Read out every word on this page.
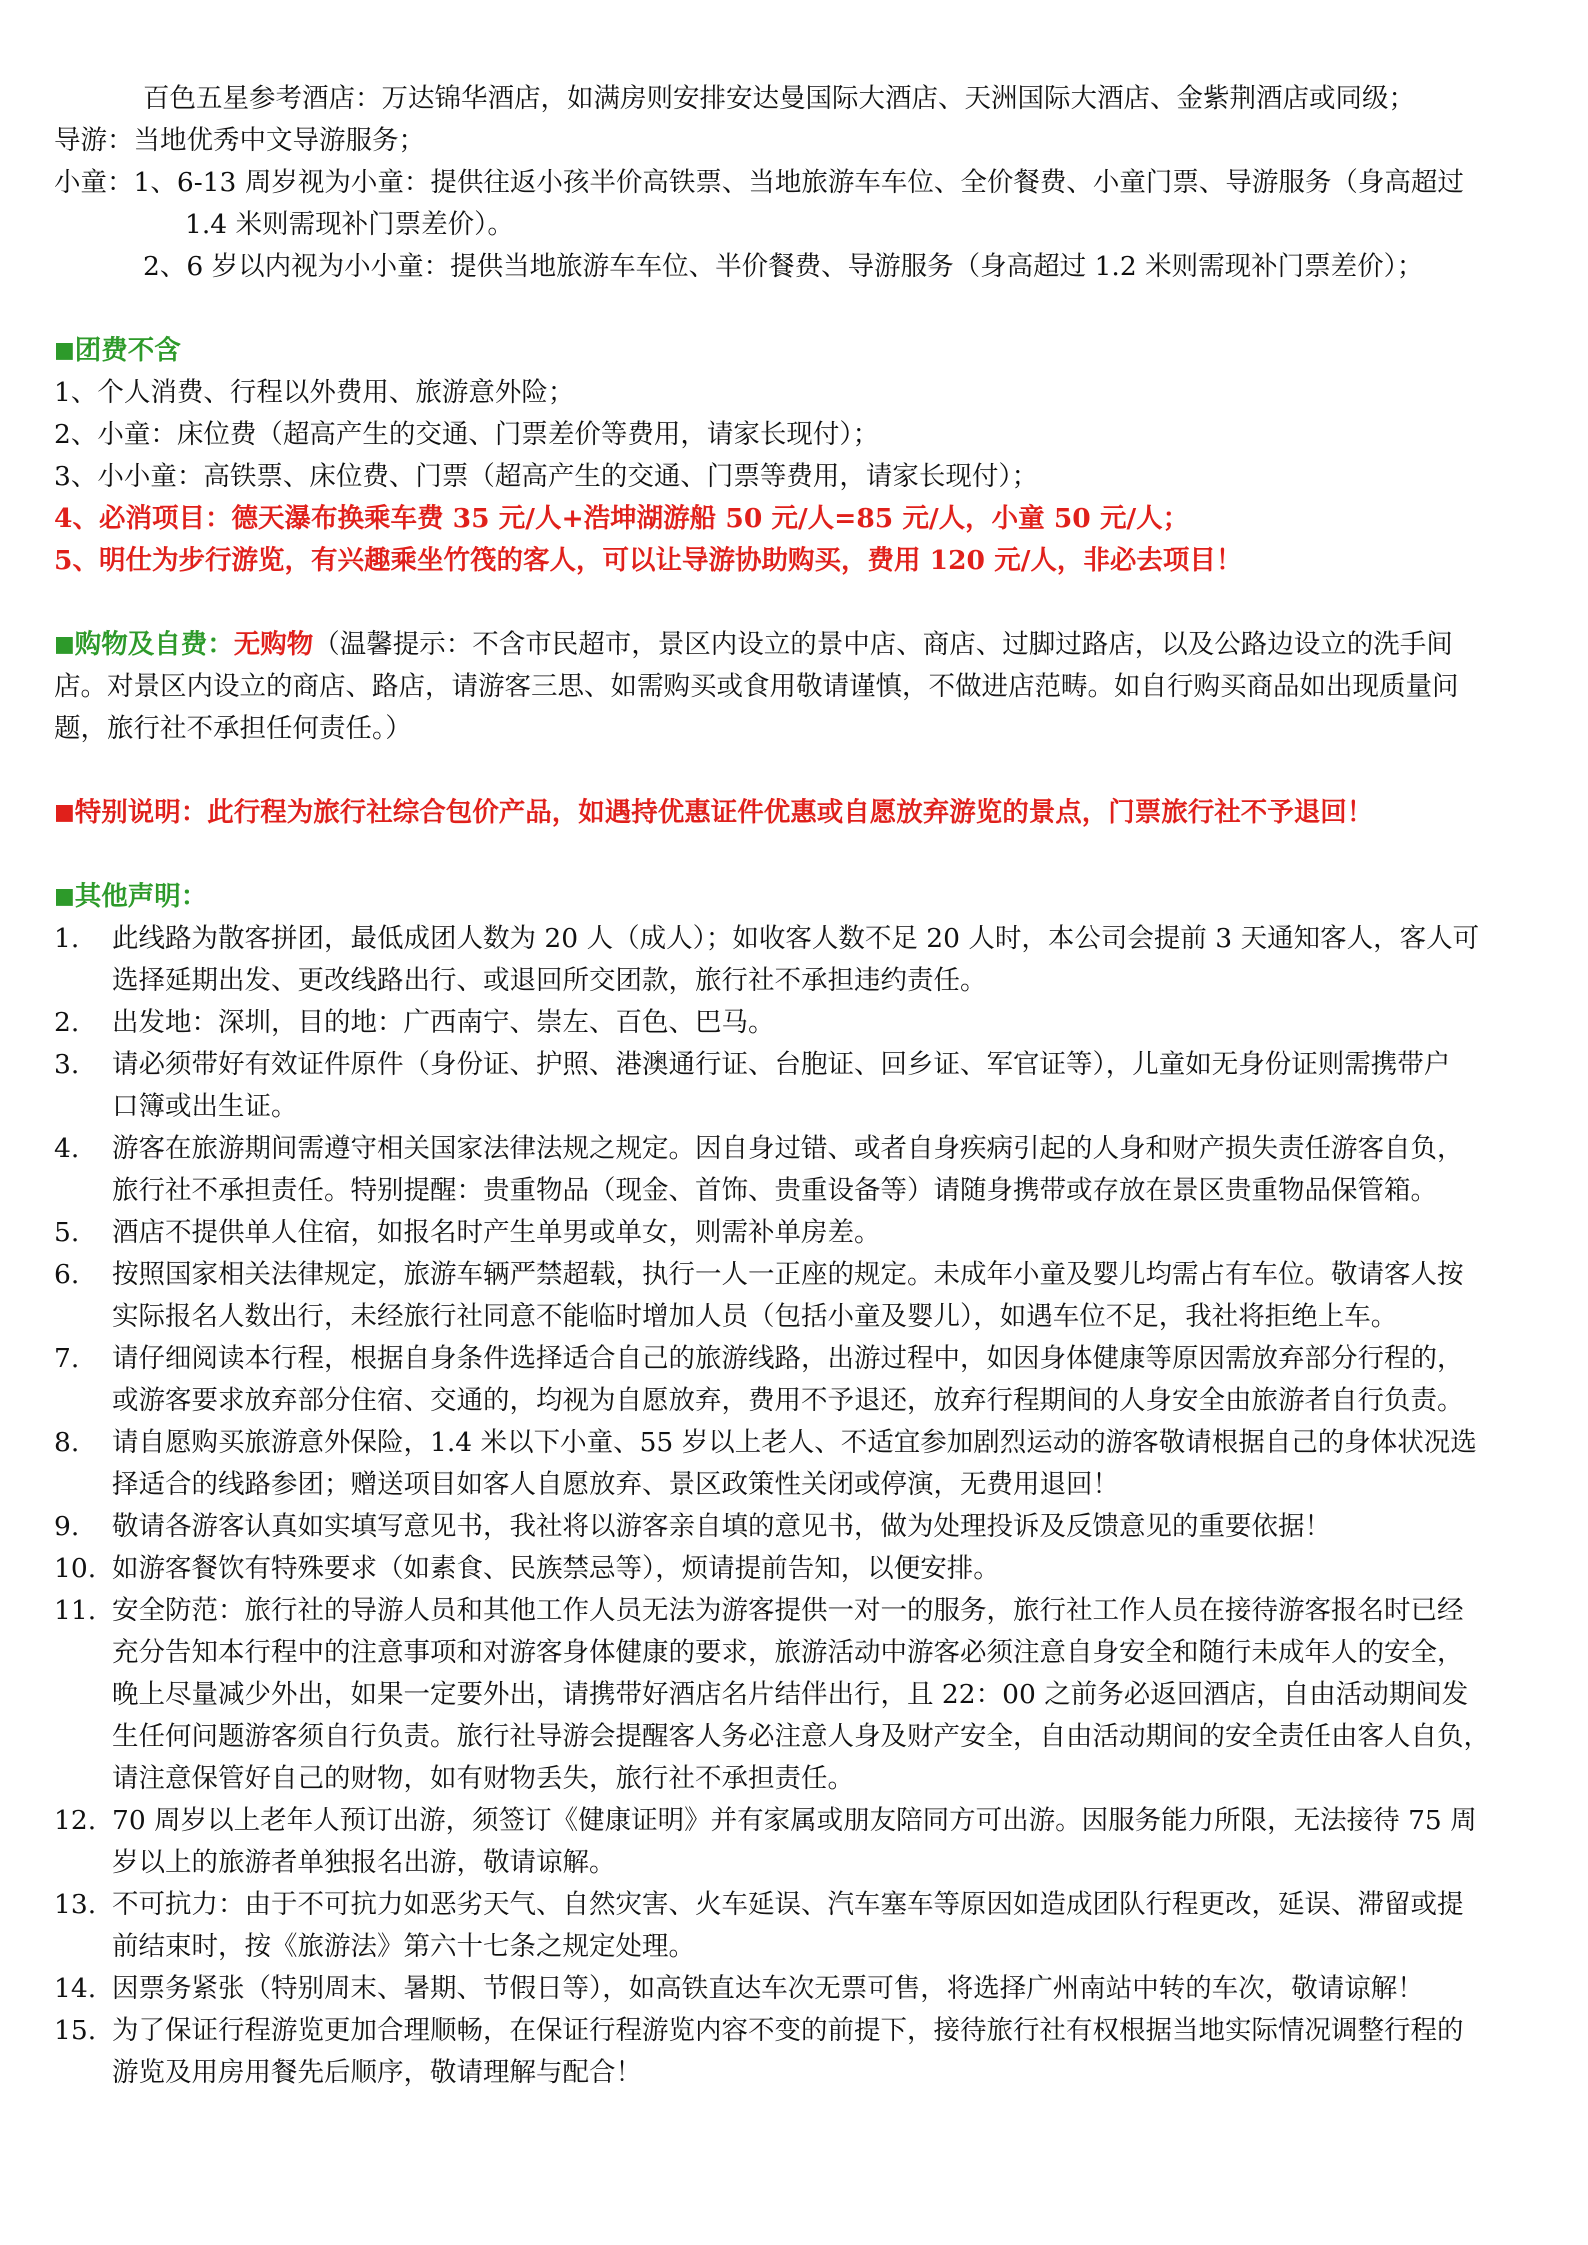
百色五星参考酒店：万达锦华酒店，如满房则安排安达曼国际大酒店、天洲国际大酒店、金紫荆酒店或同级；
导游：当地优秀中文导游服务；
小童：1、6-13 周岁视为小童：提供往返小孩半价高铁票、当地旅游车车位、全价餐费、小童门票、导游服务（身高超过
1.4 米则需现补门票差价）。
2、6 岁以内视为小小童：提供当地旅游车车位、半价餐费、导游服务（身高超过 1.2 米则需现补门票差价）；
■团费不含
1、个人消费、行程以外费用、旅游意外险；
2、小童：床位费（超高产生的交通、门票差价等费用，请家长现付）；
3、小小童：高铁票、床位费、门票（超高产生的交通、门票等费用，请家长现付）；
4、必消项目：德天瀑布换乘车费 35 元/人+浩坤湖游船 50 元/人=85 元/人，小童 50 元/人；
5、明仕为步行游览，有兴趣乘坐竹筏的客人，可以让导游协助购买，费用 120 元/人，非必去项目！
■购物及自费：无购物（温馨提示：不含市民超市，景区内设立的景中店、商店、过脚过路店，以及公路边设立的洗手间
店。对景区内设立的商店、路店，请游客三思、如需购买或食用敬请谨慎，不做进店范畴。如自行购买商品如出现质量问
题，旅行社不承担任何责任。）
■特别说明：此行程为旅行社综合包价产品，如遇持优惠证件优惠或自愿放弃游览的景点，门票旅行社不予退回！
■其他声明：
1. 此线路为散客拼团，最低成团人数为 20 人（成人）；如收客人数不足 20 人时，本公司会提前 3 天通知客人，客人可
选择延期出发、更改线路出行、或退回所交团款，旅行社不承担违约责任。
2. 出发地：深圳，目的地：广西南宁、崇左、百色、巴马。
3. 请必须带好有效证件原件（身份证、护照、港澳通行证、台胞证、回乡证、军官证等），儿童如无身份证则需携带户
口簿或出生证。
4. 游客在旅游期间需遵守相关国家法律法规之规定。因自身过错、或者自身疾病引起的人身和财产损失责任游客自负，
旅行社不承担责任。特别提醒：贵重物品（现金、首饰、贵重设备等）请随身携带或存放在景区贵重物品保管箱。
5. 酒店不提供单人住宿，如报名时产生单男或单女，则需补单房差。
6. 按照国家相关法律规定，旅游车辆严禁超载，执行一人一正座的规定。未成年小童及婴儿均需占有车位。敬请客人按
实际报名人数出行，未经旅行社同意不能临时增加人员（包括小童及婴儿），如遇车位不足，我社将拒绝上车。
7. 请仔细阅读本行程，根据自身条件选择适合自己的旅游线路，出游过程中，如因身体健康等原因需放弃部分行程的，
或游客要求放弃部分住宿、交通的，均视为自愿放弃，费用不予退还，放弃行程期间的人身安全由旅游者自行负责。
8. 请自愿购买旅游意外保险，1.4 米以下小童、55 岁以上老人、不适宜参加剧烈运动的游客敬请根据自己的身体状况选
择适合的线路参团；赠送项目如客人自愿放弃、景区政策性关闭或停演，无费用退回！
9. 敬请各游客认真如实填写意见书，我社将以游客亲自填的意见书，做为处理投诉及反馈意见的重要依据！
10. 如游客餐饮有特殊要求（如素食、民族禁忌等），烦请提前告知，以便安排。
11. 安全防范：旅行社的导游人员和其他工作人员无法为游客提供一对一的服务，旅行社工作人员在接待游客报名时已经
充分告知本行程中的注意事项和对游客身体健康的要求，旅游活动中游客必须注意自身安全和随行未成年人的安全，
晚上尽量减少外出，如果一定要外出，请携带好酒店名片结伴出行，且 22：00 之前务必返回酒店，自由活动期间发
生任何问题游客须自行负责。旅行社导游会提醒客人务必注意人身及财产安全，自由活动期间的安全责任由客人自负，
请注意保管好自己的财物，如有财物丢失，旅行社不承担责任。
12. 70 周岁以上老年人预订出游，须签订《健康证明》并有家属或朋友陪同方可出游。因服务能力所限，无法接待 75 周
岁以上的旅游者单独报名出游，敬请谅解。
13. 不可抗力：由于不可抗力如恶劣天气、自然灾害、火车延误、汽车塞车等原因如造成团队行程更改，延误、滞留或提
前结束时，按《旅游法》第六十七条之规定处理。
14. 因票务紧张（特别周末、暑期、节假日等），如高铁直达车次无票可售，将选择广州南站中转的车次，敬请谅解！
15. 为了保证行程游览更加合理顺畅，在保证行程游览内容不变的前提下，接待旅行社有权根据当地实际情况调整行程的
游览及用房用餐先后顺序，敬请理解与配合！
